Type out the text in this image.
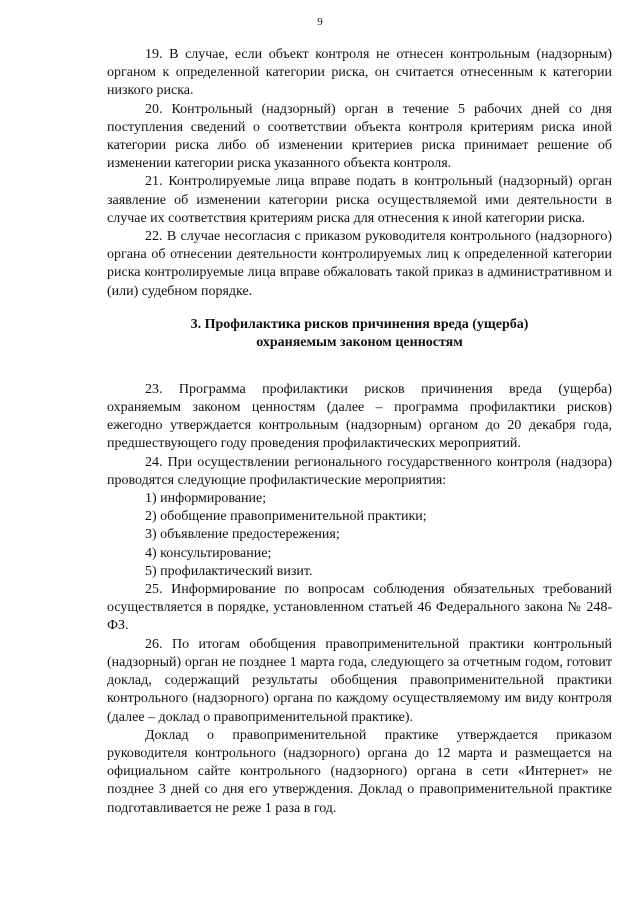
9

19. В случае, если объект контроля не отнесен контрольным (надзорным) органом к определенной категории риска, он считается отнесенным к категории низкого риска.

20. Контрольный (надзорный) орган в течение 5 рабочих дней со дня поступления сведений о соответствии объекта контроля критериям риска иной категории риска либо об изменении критериев риска принимает решение об изменении категории риска указанного объекта контроля.

21. Контролируемые лица вправе подать в контрольный (надзорный) орган заявление об изменении категории риска осуществляемой ими деятельности в случае их соответствия критериям риска для отнесения к иной категории риска.

22. В случае несогласия с приказом руководителя контрольного (надзорного) органа об отнесении деятельности контролируемых лиц к определенной категории риска контролируемые лица вправе обжаловать такой приказ в административном и (или) судебном порядке.

3. Профилактика рисков причинения вреда (ущерба)
охраняемым законом ценностям

23. Программа профилактики рисков причинения вреда (ущерба) охраняемым законом ценностям (далее – программа профилактики рисков) ежегодно утверждается контрольным (надзорным) органом до 20 декабря года, предшествующего году проведения профилактических мероприятий.

24. При осуществлении регионального государственного контроля (надзора) проводятся следующие профилактические мероприятия:

1) информирование;

2) обобщение правоприменительной практики;

3) объявление предостережения;

4) консультирование;

5) профилактический визит.

25. Информирование по вопросам соблюдения обязательных требований осуществляется в порядке, установленном статьей 46 Федерального закона № 248-ФЗ.

26. По итогам обобщения правоприменительной практики контрольный (надзорный) орган не позднее 1 марта года, следующего за отчетным годом, готовит доклад, содержащий результаты обобщения правоприменительной практики контрольного (надзорного) органа по каждому осуществляемому им виду контроля (далее – доклад о правоприменительной практике).

Доклад о правоприменительной практике утверждается приказом руководителя контрольного (надзорного) органа до 12 марта и размещается на официальном сайте контрольного (надзорного) органа в сети «Интернет» не позднее 3 дней со дня его утверждения. Доклад о правоприменительной практике подготавливается не реже 1 раза в год.
